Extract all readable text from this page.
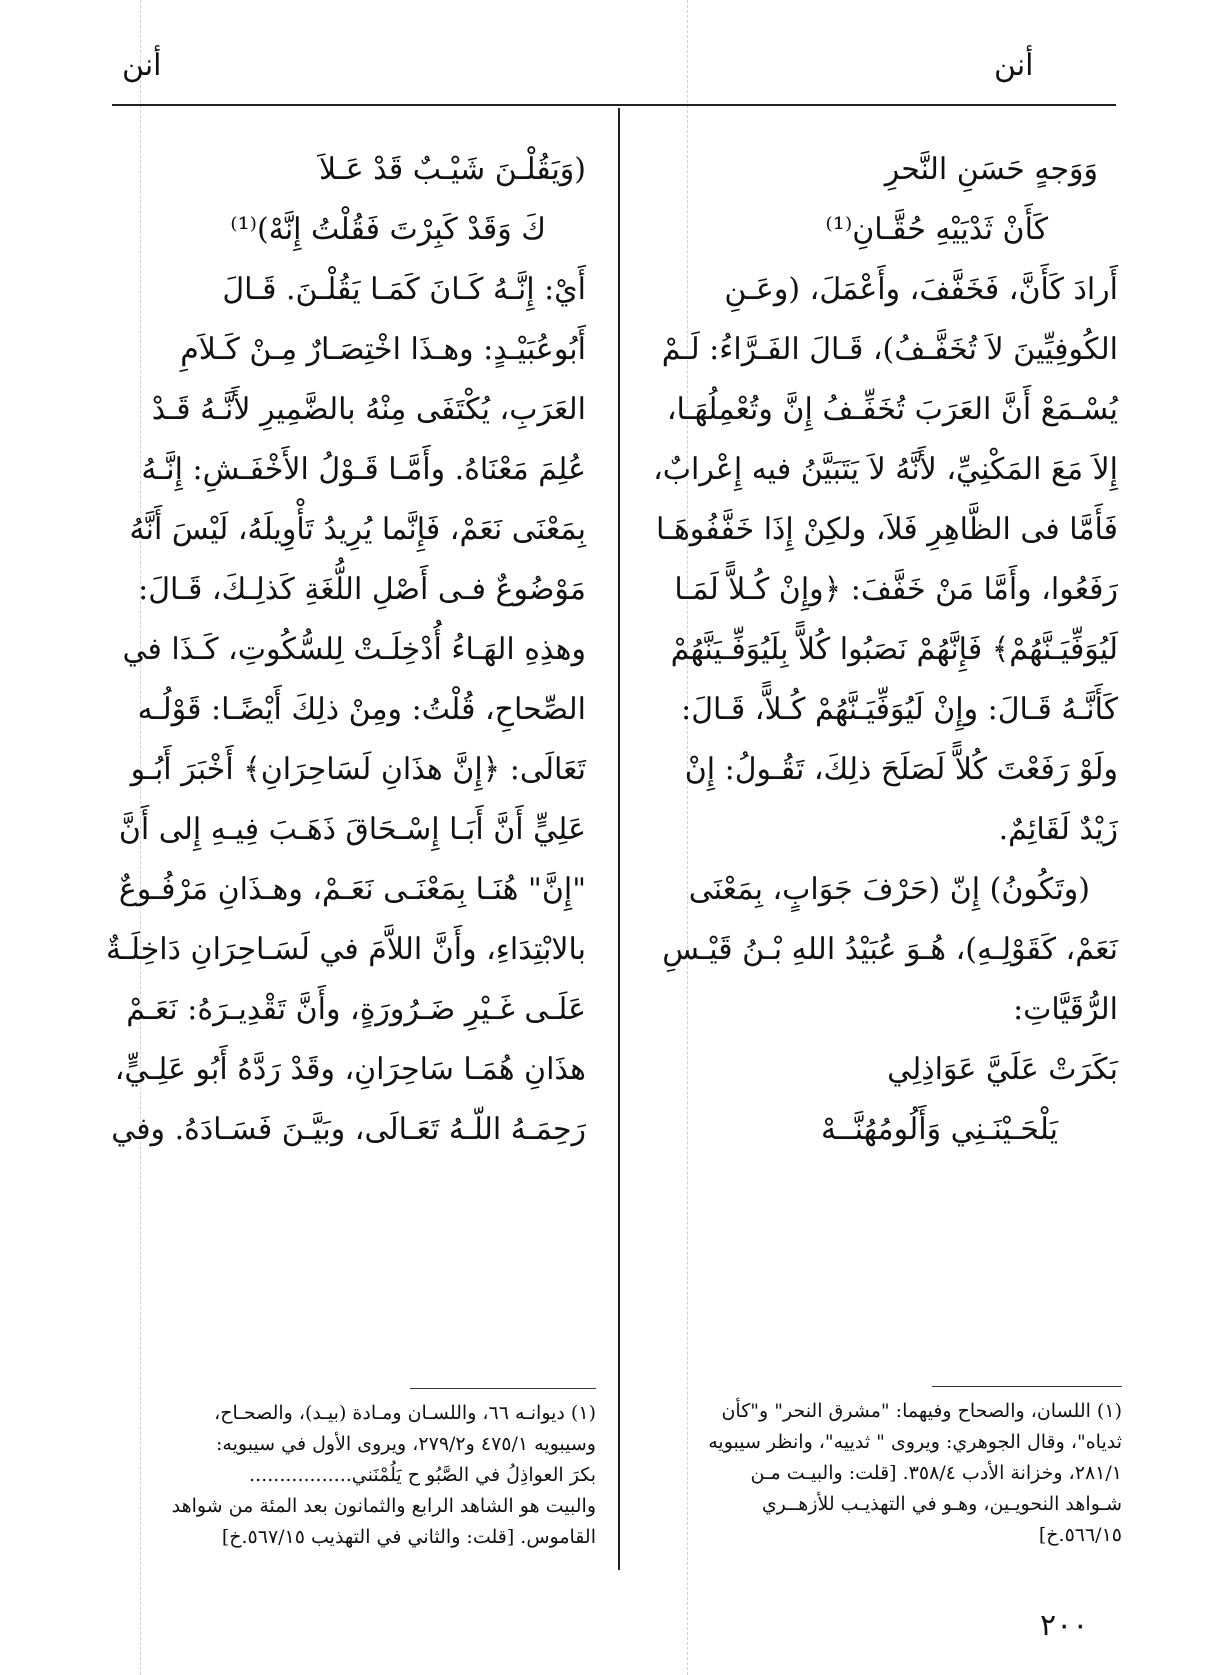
أنن
أنن

وَوَجهٍ حَسَنِ النَّحرِ

كَأَنْ ثَدْيَيْهِ حُقَّـانِ⁽¹⁾

أَرادَ كَأَنَّ، فَخَفَّفَ، وأَعْمَلَ، (وعَـنِ

الكُوفِيِّينَ لاَ تُخَفَّـفُ)، قَـالَ الفَـرَّاءُ: لَـمْ

يُسْـمَعْ أَنَّ العَرَبَ تُخَفِّـفُ إِنَّ وتُعْمِلُهَـا،

إِلاَ مَعَ المَكْنِيِّ، لأَنَّهُ لاَ يَتَبَيَّنُ فيه إِعْرابٌ،

فَأَمَّا فى الظَّاهِرِ فَلاَ، ولكِنْ إِذَا خَفَّفُوهَـا

رَفَعُوا، وأَمَّا مَنْ خَفَّفَ: ﴿وإِنْ كُـلاًّ لَمَـا

لَيُوَفِّيَـنَّهُمْ﴾ فَإِنَّهُمْ نَصَبُوا كُلاًّ بِلَيُوَفِّـيَنَّهُمْ

كَأَنَّـهُ قَـالَ: وإِنْ لَيُوَفِّيَـنَّهُمْ كُـلاًّ، قَـالَ:

ولَوْ رَفَعْتَ كُلاًّ لَصَلَحَ ذلِكَ، تَقُـولُ: إِنْ

زَيْدٌ لَقَائِمٌ.

(وتَكُونُ) إِنّ (حَرْفَ جَوَابٍ، بِمَعْنَى

نَعَمْ، كَقَوْلِـهِ)، هُـوَ عُبَيْدُ اللهِ بْـنُ قَيْـسِ

الرُّقَيَّاتِ:

بَكَرَتْ عَلَيَّ عَوَاذِلِي

يَلْحَـيْنَـنِي وَأَلُومُهُنَّــهْ

(وَيَقُلْـنَ شَيْـبٌ قَدْ عَـلاَ

كَ وَقَدْ كَبِرْتَ فَقُلْتُ إِنَّهْ)⁽¹⁾

أَيْ: إِنَّـهُ كَـانَ كَمَـا يَقُلْـنَ. قَـالَ

أَبُوعُبَيْـدٍ: وهـذَا اخْتِصَـارٌ مِـنْ كَـلاَمِ

العَرَبِ، يُكْتَفَى مِنْهُ بالضَّمِيرِ لأَنَّـهُ قَـدْ

عُلِمَ مَعْنَاهُ. وأَمَّـا قَـوْلُ الأَخْفَـشِ: إِنَّـهُ

بِمَعْنَى نَعَمْ، فَإِنَّما يُرِيدُ تَأْوِيلَهُ، لَيْسَ أَنَّهُ

مَوْضُوعٌ فـى أَصْلِ اللُّغَةِ كَذلِـكَ، قَـالَ:

وهذِهِ الهَـاءُ أُدْخِلَـتْ لِلسُّكُوتِ، كَـذَا في

الصِّحاحِ، قُلْتُ: ومِنْ ذلِكَ أَيْضًـا: قَوْلُـه

تَعَالَى: ﴿إِنَّ هذَانِ لَسَاحِرَانِ﴾ أَخْبَرَ أَبُـو

عَلِيٍّ أَنَّ أَبَـا إِسْـحَاقَ ذَهَـبَ فِيـهِ إِلى أَنَّ

"إِنَّ" هُنَـا بِمَعْنَـى نَعَـمْ، وهـذَانِ مَرْفُـوعٌ

بالابْتِدَاءِ، وأَنَّ اللاَّمَ في لَسَـاحِرَانِ دَاخِلَـةٌ

عَلَـى غَـيْرِ ضَـرُورَةٍ، وأَنَّ تَقْدِيـرَهُ: نَعَـمْ

هذَانِ هُمَـا سَاحِرَانِ، وقَدْ رَدَّهُ أَبُو عَلِـيٍّ،

رَحِمَـهُ اللّـهُ تَعَـالَى، وبَيَّـنَ فَسَـادَهُ. وفي

(١) ديوانـه ٦٦، واللسـان ومـادة (بيـد)، والصحـاح،
وسيبويه ٤٧٥/١ و٢٧٩/٢، ويروى الأول في سيبويه:
بكرَ العواذِلُ في الصَّبُو ح يَلُمْنَني.................
والبيت هو الشاهد الرابع والثمانون بعد المئة من شواهد
القاموس. [قلت: والثاني في التهذيب ٥٦٧/١٥.خ]
(١) اللسان، والصحاح وفيهما: "مشرق النحر" و"كأن
ثدياه"، وقال الجوهري: ويروى " ثدييه"، وانظر سيبويه
٢٨١/١، وخزانة الأدب ٣٥٨/٤. [قلت: والبيـت مـن
شـواهد النحويـين، وهـو في التهذيـب للأزهــري
٥٦٦/١٥.خ]
٢٠٠
